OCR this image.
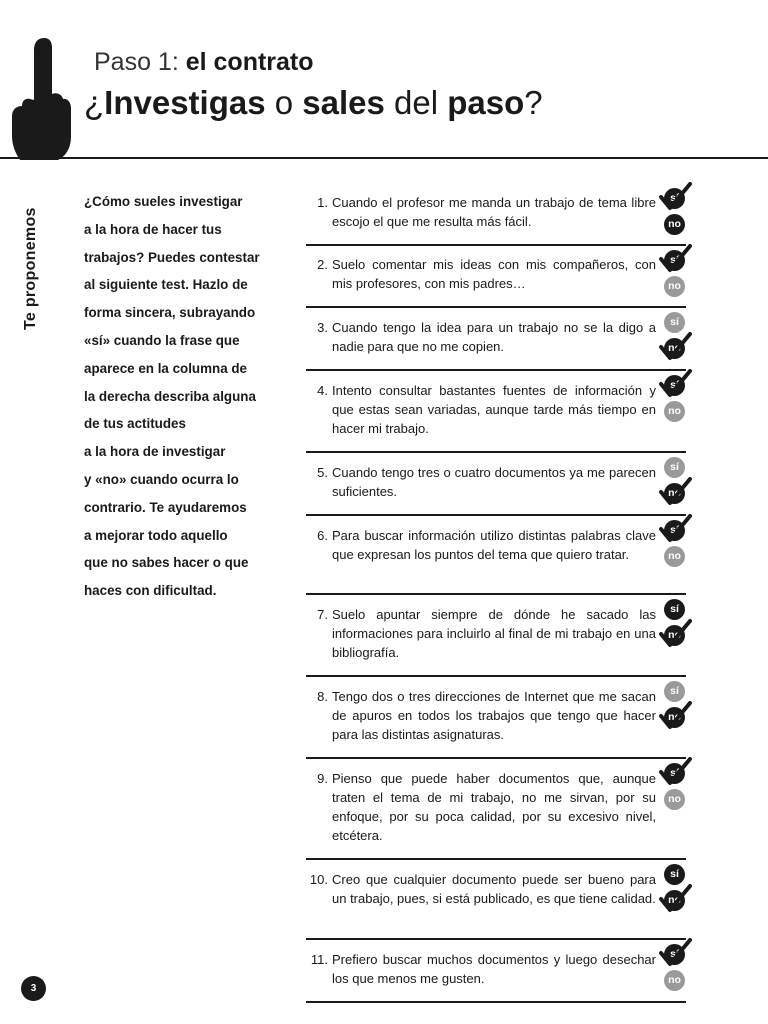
Paso 1: el contrato
¿Investigas o sales del paso?
Te proponemos
¿Cómo sueles investigar
a la hora de hacer tus
trabajos? Puedes contestar
al siguiente test. Hazlo de
forma sincera, subrayando
«sí» cuando la frase que
aparece en la columna de
la derecha describa alguna
de tus actitudes
a la hora de investigar
y «no» cuando ocurra lo
contrario. Te ayudaremos
a mejorar todo aquello
que no sabes hacer o que
haces con dificultad.
1. Cuando el profesor me manda un trabajo de tema libre escojo el que me resulta más fácil.
sí
no
2. Suelo comentar mis ideas con mis compañeros, con mis profesores, con mis padres…
sí
no
3. Cuando tengo la idea para un trabajo no se la digo a nadie para que no me copien.
sí
no
4. Intento consultar bastantes fuentes de información y que estas sean variadas, aunque tarde más tiempo en hacer mi trabajo.
sí
no
5. Cuando tengo tres o cuatro documentos ya me parecen suficientes.
sí
no
6. Para buscar información utilizo distintas palabras clave que expresan los puntos del tema que quiero tratar.
sí
no
7. Suelo apuntar siempre de dónde he sacado las informaciones para incluirlo al final de mi trabajo en una bibliografía.
sí
no
8. Tengo dos o tres direcciones de Internet que me sacan de apuros en todos los trabajos que tengo que hacer para las distintas asignaturas.
sí
no
9. Pienso que puede haber documentos que, aunque traten el tema de mi trabajo, no me sirvan, por su enfoque, por su poca calidad, por su excesivo nivel, etcétera.
sí
no
10. Creo que cualquier documento puede ser bueno para un trabajo, pues, si está publicado, es que tiene calidad.
sí
no
11. Prefiero buscar muchos documentos y luego desechar los que menos me gusten.
sí
no
3
